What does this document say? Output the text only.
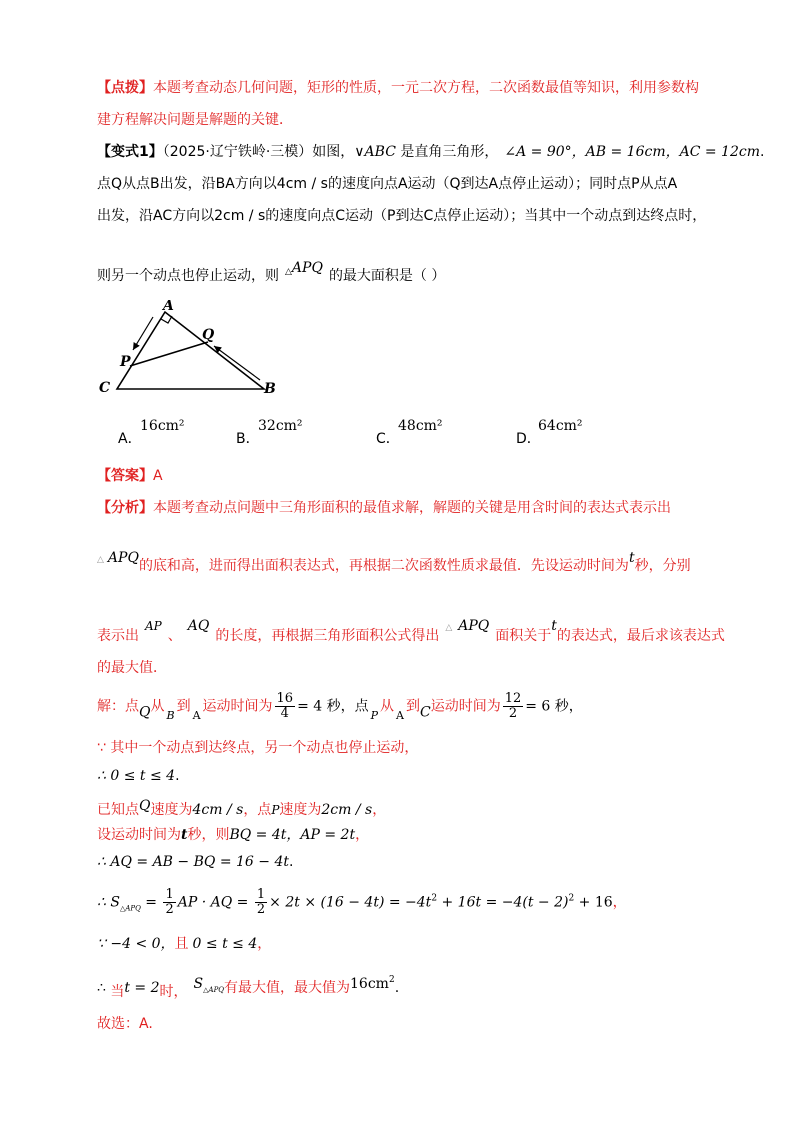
【点拨】本题考查动态几何问题，矩形的性质，一元二次方程，二次函数最值等知识，利用参数构
建方程解决问题是解题的关键．
【变式1】（2025·辽宁铁岭·三模）如图，∨ABC 是直角三角形， ∠A = 90°，AB = 16cm，AC = 12cm.
点Q从点B出发，沿BA方向以4cm / s的速度向点A运动（Q到达A点停止运动）；同时点P从点A
出发，沿AC方向以2cm / s的速度向点C运动（P到达C点停止运动）；当其中一个动点到达终点时，
则另一个动点也停止运动，则 △APQ 的最大面积是（ ）
A
Q
P
C	B
A．
16cm²
B．
32cm²
C．
48cm²
D．
64cm²
【答案】A
【分析】本题考查动点问题中三角形面积的最值求解，解题的关键是用含时间的表达式表示出
△ APQ的底和高，进而得出面积表达式，再根据二次函数性质求最值．先设运动时间为t秒，分别
表示出AP、AQ的长度，再根据三角形面积公式得出 △ APQ面积关于t的表达式，最后求该表达式
的最大值．
解：点Q从$_B$到$_A$运动时间为 $\frac{16}{4} = 4$ 秒，点$_P$从$_A$到C运动时间为 $\frac{12}{2} = 6$ 秒，
∵ 其中一个动点到达终点，另一个动点也停止运动，
∴ 0 ≤ t ≤ 4.
已知点Q速度为4cm / s，点P速度为2cm / s，
设运动时间为t秒，则BQ = 4t，AP = 2t，
∴ AQ = AB − BQ = 16 − 4t.
∴ $S_{\triangle APQ} = \frac{1}{2}$ AP · AQ = $\frac{1}{2} \times 2t \times (16 - 4t) = -4t^2 + 16t = -4(t - 2)^2 + 16$，
∵ −4 < 0，且 0 ≤ t ≤ 4，
∴ 当t = 2时， S△APQ有最大值，最大值为$16cm^2$.
故选：A.
